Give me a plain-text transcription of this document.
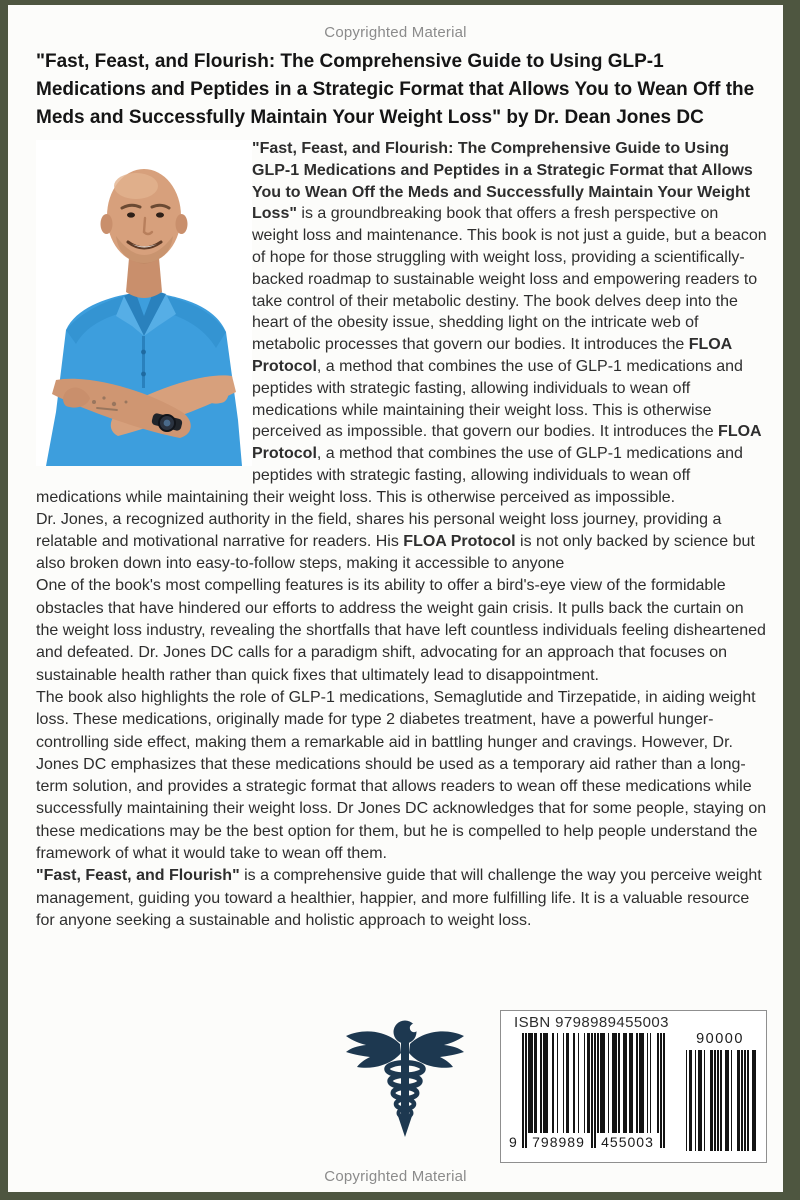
Copyrighted Material
"Fast, Feast, and Flourish: The Comprehensive Guide to Using GLP-1 Medications and Peptides in a Strategic Format that Allows You to Wean Off the Meds and Successfully Maintain Your Weight Loss" by Dr. Dean Jones DC
"Fast, Feast, and Flourish: The Comprehensive Guide to Using GLP-1 Medications and Peptides in a Strategic Format that Allows You to Wean Off the Meds and Successfully Maintain Your Weight Loss" is a groundbreaking book that offers a fresh perspective on weight loss and maintenance. This book is not just a guide, but a beacon of hope for those struggling with weight loss, providing a scientifically-backed roadmap to sustainable weight loss and empowering readers to take control of their metabolic destiny. The book delves deep into the heart of the obesity issue, shedding light on the intricate web of metabolic processes that govern our bodies. It introduces the FLOA Protocol, a method that combines the use of GLP-1 medications and peptides with strategic fasting, allowing individuals to wean off medications while maintaining their weight loss. This is otherwise perceived as impossible. that govern our bodies. It introduces the FLOA Protocol, a method that combines the use of GLP-1 medications and peptides with strategic fasting, allowing individuals to wean off medications while maintaining their weight loss. This is otherwise perceived as impossible.
Dr. Jones, a recognized authority in the field, shares his personal weight loss journey, providing a relatable and motivational narrative for readers. His FLOA Protocol is not only backed by science but also broken down into easy-to-follow steps, making it accessible to anyone
One of the book's most compelling features is its ability to offer a bird's-eye view of the formidable obstacles that have hindered our efforts to address the weight gain crisis. It pulls back the curtain on the weight loss industry, revealing the shortfalls that have left countless individuals feeling disheartened and defeated. Dr. Jones DC calls for a paradigm shift, advocating for an approach that focuses on sustainable health rather than quick fixes that ultimately lead to disappointment.
The book also highlights the role of GLP-1 medications, Semaglutide and Tirzepatide, in aiding weight loss. These medications, originally made for type 2 diabetes treatment, have a powerful hunger-controlling side effect, making them a remarkable aid in battling hunger and cravings. However, Dr. Jones DC emphasizes that these medications should be used as a temporary aid rather than a long-term solution, and provides a strategic format that allows readers to wean off these medications while successfully maintaining their weight loss. Dr Jones DC acknowledges that for some people, staying on these medications may be the best option for them, but he is compelled to help people understand the framework of what it would take to wean off them.
"Fast, Feast, and Flourish" is a comprehensive guide that will challenge the way you perceive weight management, guiding you toward a healthier, happier, and more fulfilling life. It is a valuable resource for anyone seeking a sustainable and holistic approach to weight loss.
ISBN 9798989455003
9 798989 455003
90000
Copyrighted Material
